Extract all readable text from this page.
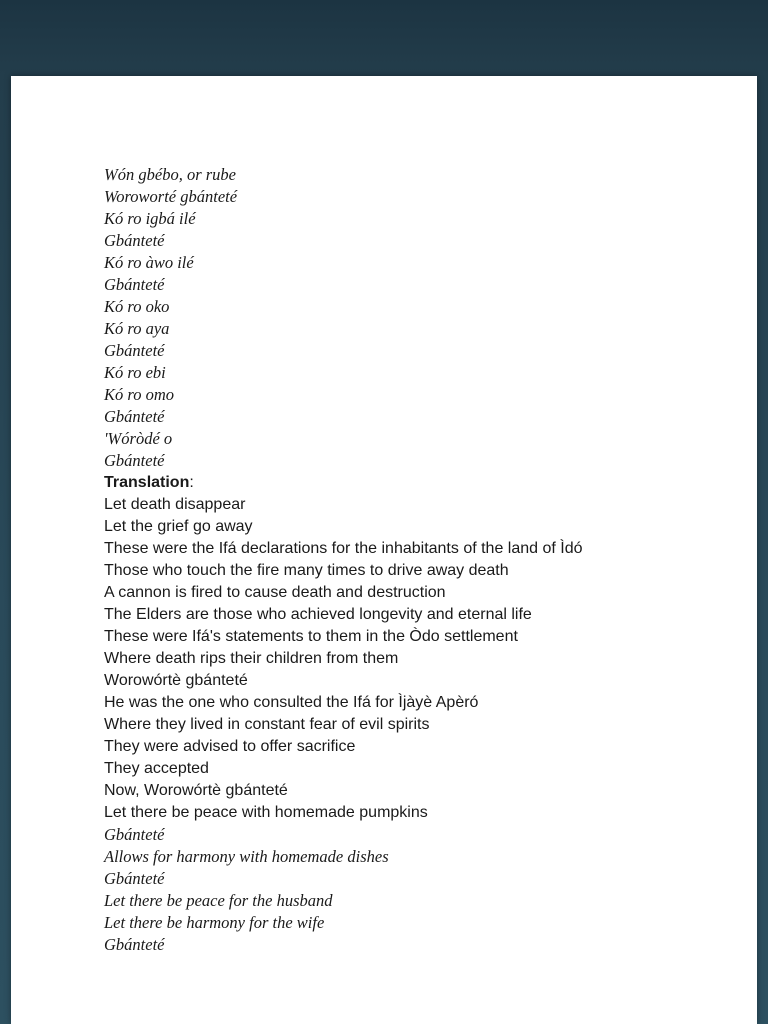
Wón gbébo, or rube
Woroworté gbánteté
Kó ro igbá ilé
Gbánteté
Kó ro àwo ilé
Gbánteté
Kó ro oko
Kó ro aya
Gbánteté
Kó ro ebi
Kó ro omo
Gbánteté
'Wóròdé o
Gbánteté
Translation:
Let death disappear
Let the grief go away
These were the Ifá declarations for the inhabitants of the land of Ìdó
Those who touch the fire many times to drive away death
A cannon is fired to cause death and destruction
The Elders are those who achieved longevity and eternal life
These were Ifá's statements to them in the Òdo settlement
Where death rips their children from them
Worowórtè gbánteté
He was the one who consulted the Ifá for Ìjàyè Apèró
Where they lived in constant fear of evil spirits
They were advised to offer sacrifice
They accepted
Now, Worowórtè gbánteté
Let there be peace with homemade pumpkins
Gbánteté
Allows for harmony with homemade dishes
Gbánteté
Let there be peace for the husband
Let there be harmony for the wife
Gbánteté
